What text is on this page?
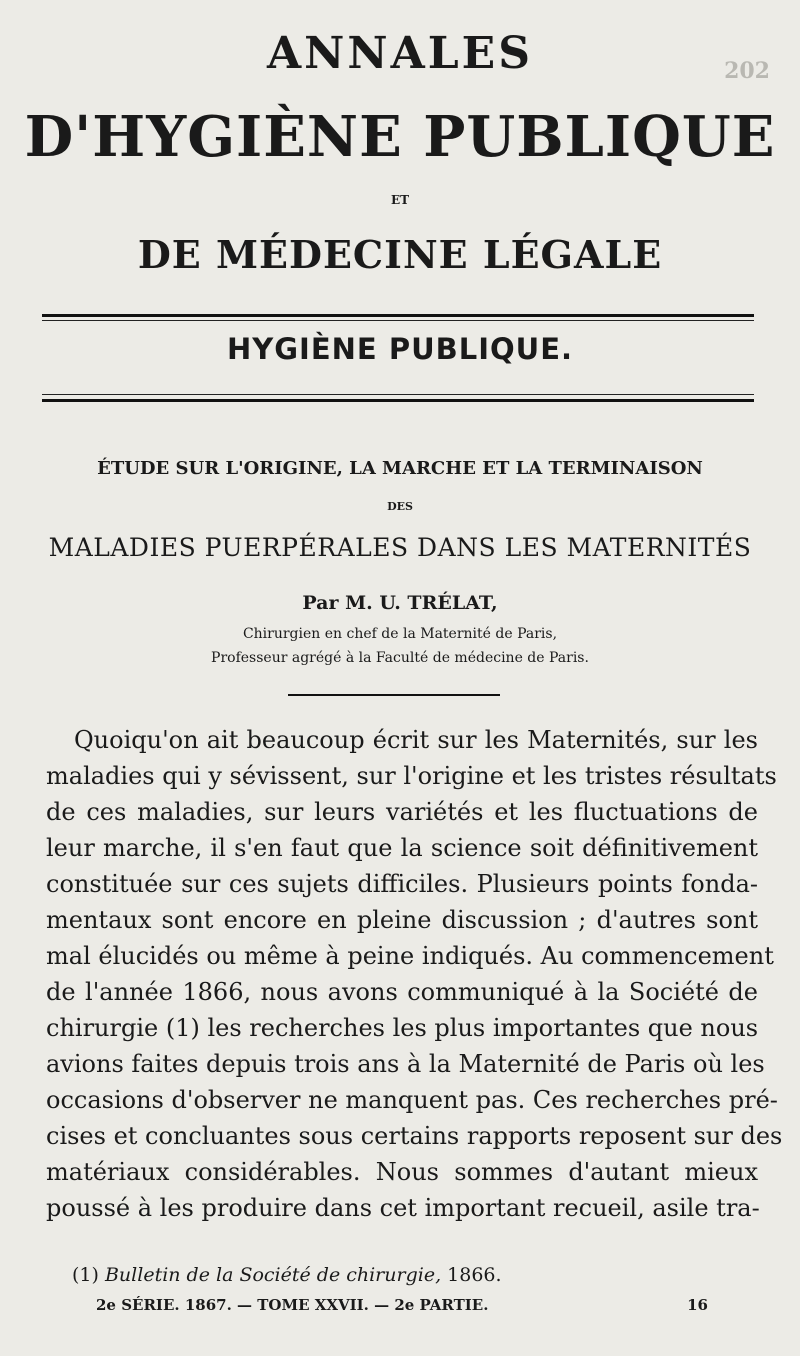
202
ANNALES
D'HYGIÈNE PUBLIQUE
ET
DE MÉDECINE LÉGALE
HYGIÈNE PUBLIQUE.
ÉTUDE SUR L'ORIGINE, LA MARCHE ET LA TERMINAISON
DES
MALADIES PUERPÉRALES DANS LES MATERNITÉS
Par M. U. TRÉLAT,
Chirurgien en chef de la Maternité de Paris,
Professeur agrégé à la Faculté de médecine de Paris.
Quoiqu'on ait beaucoup écrit sur les Maternités, sur les
maladies qui y sévissent, sur l'origine et les tristes résultats
de ces maladies, sur leurs variétés et les fluctuations de
leur marche, il s'en faut que la science soit définitivement
constituée sur ces sujets difficiles. Plusieurs points fonda-
mentaux sont encore en pleine discussion ; d'autres sont
mal élucidés ou même à peine indiqués. Au commencement
de l'année 1866, nous avons communiqué à la Société de
chirurgie (1) les recherches les plus importantes que nous
avions faites depuis trois ans à la Maternité de Paris où les
occasions d'observer ne manquent pas. Ces recherches pré-
cises et concluantes sous certains rapports reposent sur des
matériaux considérables. Nous sommes d'autant mieux
poussé à les produire dans cet important recueil, asile tra-
(1) Bulletin de la Société de chirurgie, 1866.
2e SÉRIE. 1867. — TOME XXVII. — 2e PARTIE.	16
